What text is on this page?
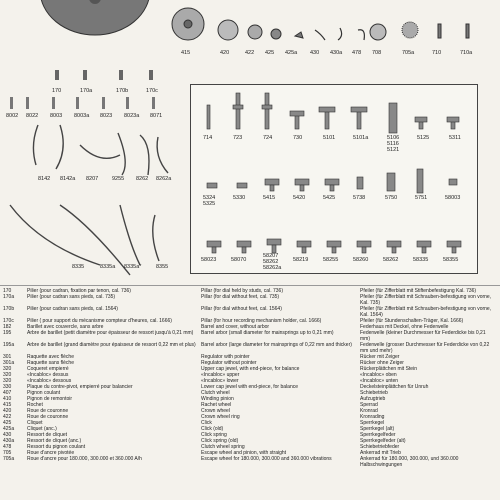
170	170a	170b	170c
415	420	422 425 425a 430 430a 478 708	705a	710	710a
8002 8022 8003 8003a 8023 8023a 8071
8142 8142a 8207	9255 8262 8262a
8335	8335a 8335a*	8355
714	723	724	730	5101	5101a	5106
5116
5121
5125	5311
5324
5325
5330	5415	5420	5425	5738	5750	5751	58003
58023	58070
58207
58262
58262a
58219	58255	58260	58262	58335	58355
170	Pilier (pour cadran, fixation par tenon, cal. 736)	Pillar (for dial held by studs, cal. 736)	Pfeiler (für Zifferblatt mit Stiftenbefestigung Kal. 736)
170a	Pilier (pour cadran sans pieds, cal. 735)	Pillar (for dial without feet, cal. 735)	Pfeiler (für Zifferblatt mit Schrauben-befestigung von vorne, Kal. 735)
170b	Pilier (pour cadran sans pieds, cal. 1564)	Pillar (for dial without feet, cal. 1564)	Pfeiler (für Zifferblatt mit Schrauben-befestigung von vorne, Kal. 1564)
170c	Pilier ( pour support du mécanisme compteur d'heures, cal. 1666)	Pillar (for hour recording mechanism holder, cal. 1666)	Pfeiler (für Stundenschalten-Träger, Kal. 1666)
182	Barillet avec couvercle, sans arbre	Barrel and cover, without arbor	Federhaus mit Deckel, ohne Federwelle
195	Arbre de barillet (petit diamètre pour épaisseur de ressort jusqu'à 0,21 mm)	Barrel arbor (small diameter for mainsprings up to 0,21 mm)	Federwelle (kleiner Durchmesser für Federdicke bis 0,21 mm)
195a	Arbre de barillet (grand diamètre pour épaisseur de ressort 0,22 mm et plus)	Barrel arbor (large diameter for mainsprings of 0,22 mm and thicker)	Federwelle (grosser Durchmesser für Federdicke von 0,22 mm und mehr)
301	Raquette avec flèche	Regulator with pointer	Rücker mit Zeiger
301a	Raquette sans flèche	Regulator without pointer	Rücker ohne Zeiger
320	Coqueret empierré	Upper cap jewel, with end-piece, for balance	Rückerplättchen mit Stein
320	«Incabloc» dessus	«Incabloc» upper	«Incabloc» oben
320	«Incabloc» dessous	«Incabloc» lower	«Incabloc» unten
330	Plaque du contre-pivot, empierré pour balancier	Lower cap jewel with end-piece, for balance	Deckelsteinplättchen für Unruh
407	Pignon coulant	Clutch wheel	Schiebetrieb
410	Pignon de remontoir	Winding pinion	Aufzugtrieb
415	Rochet	Rachet wheel	Sperrad
420	Roue de couronne	Crown wheel	Kronrad
422	Roue de couronne	Crown wheel ring	Kronrading
425	Cliquet	Click	Sperrkegel
425a	Cliquet (anc.)	Click (old)	Sperrkegel (alt)
430	Ressort de cliquet	Click spring	Sperrkegelfeder
430a	Ressort de cliquet (anc.)	Click spring (old)	Sperrkegelfeder (alt)
478	Ressort du pignon coulant	Clutch wheel spring	Schiebetriebfeder
705	Roue d'ancre pivotée	Escape wheel and pinion, with straight	Ankerrad mit Trieb
705a	Roue d'ancre pour 180.000, 300.000 et 360.000 A/h	Escape wheel for 180.000, 300.000 and 360.000 vibrations	Ankerrad für 180.000, 300.000, und 360.000 Halbschwingungen
